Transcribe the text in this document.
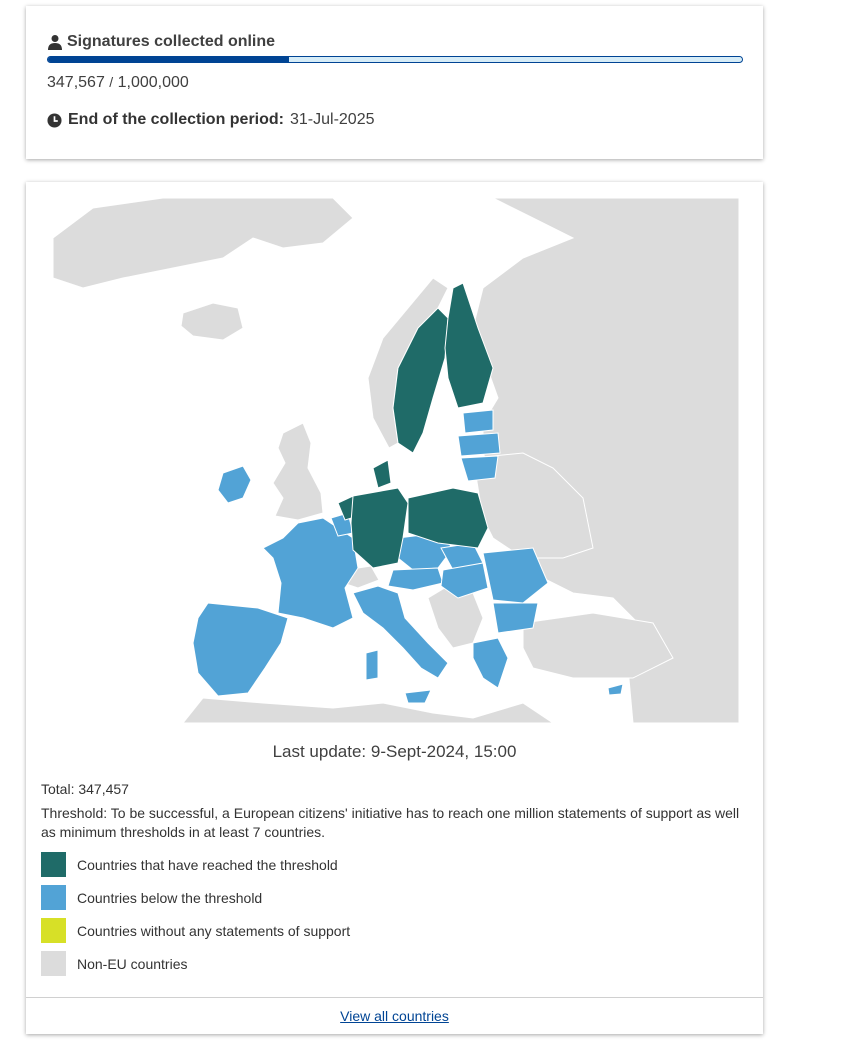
Signatures collected online
347,567 / 1,000,000
End of the collection period: 31-Jul-2025
Last update: 9-Sept-2024, 15:00
Total: 347,457
Threshold: To be successful, a European citizens' initiative has to reach one million statements of support as well as minimum thresholds in at least 7 countries.
Countries that have reached the threshold
Countries below the threshold
Countries without any statements of support
Non-EU countries
View all countries
